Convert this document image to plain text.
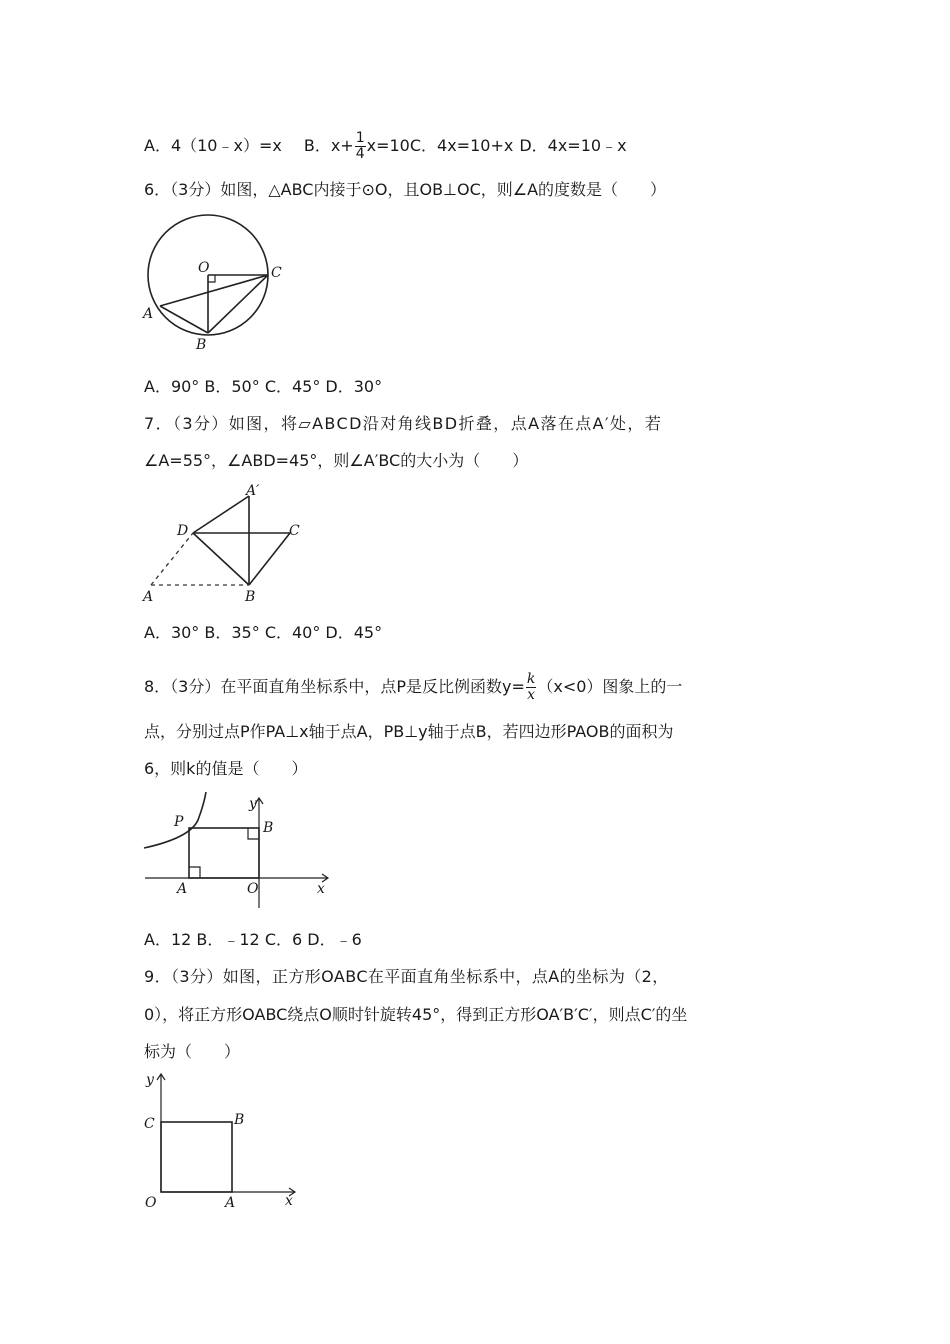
A．4（10﹣x）=x B．$x+ \frac{1}{4} x=10C$．4x=10+x D．4x=10﹣x
6．（3分）如图，△ABC内接于⊙O，且OB⊥OC，则∠A的度数是（　　）
O	C
A
B
A．90° B．50° C．45° D．30°
7．（3分）如图，将▱ABCD沿对角线BD折叠，点A落在点A′处，若
∠A=55°，∠ABD=45°，则∠A′BC的大小为（　　）
A′
D	C
A	B
A．30° B．35° C．40° D．45°
8．（3分）在平面直角坐标系中，点P是反比例函数$y= \frac{k}{x} (x<0)$图象上的一
点，分别过点P作PA⊥x轴于点A，PB⊥y轴于点B，若四边形PAOB的面积为
6，则k的值是（　　）
y
P	B
A	O	x
A．12 B．﹣12 C．6 D．﹣6
9．（3分）如图，正方形OABC在平面直角坐标系中，点A的坐标为（2，
0），将正方形OABC绕点O顺时针旋转45°，得到正方形OA′B′C′，则点C′的坐
标为（　　）
y
C	B
O	A	x
